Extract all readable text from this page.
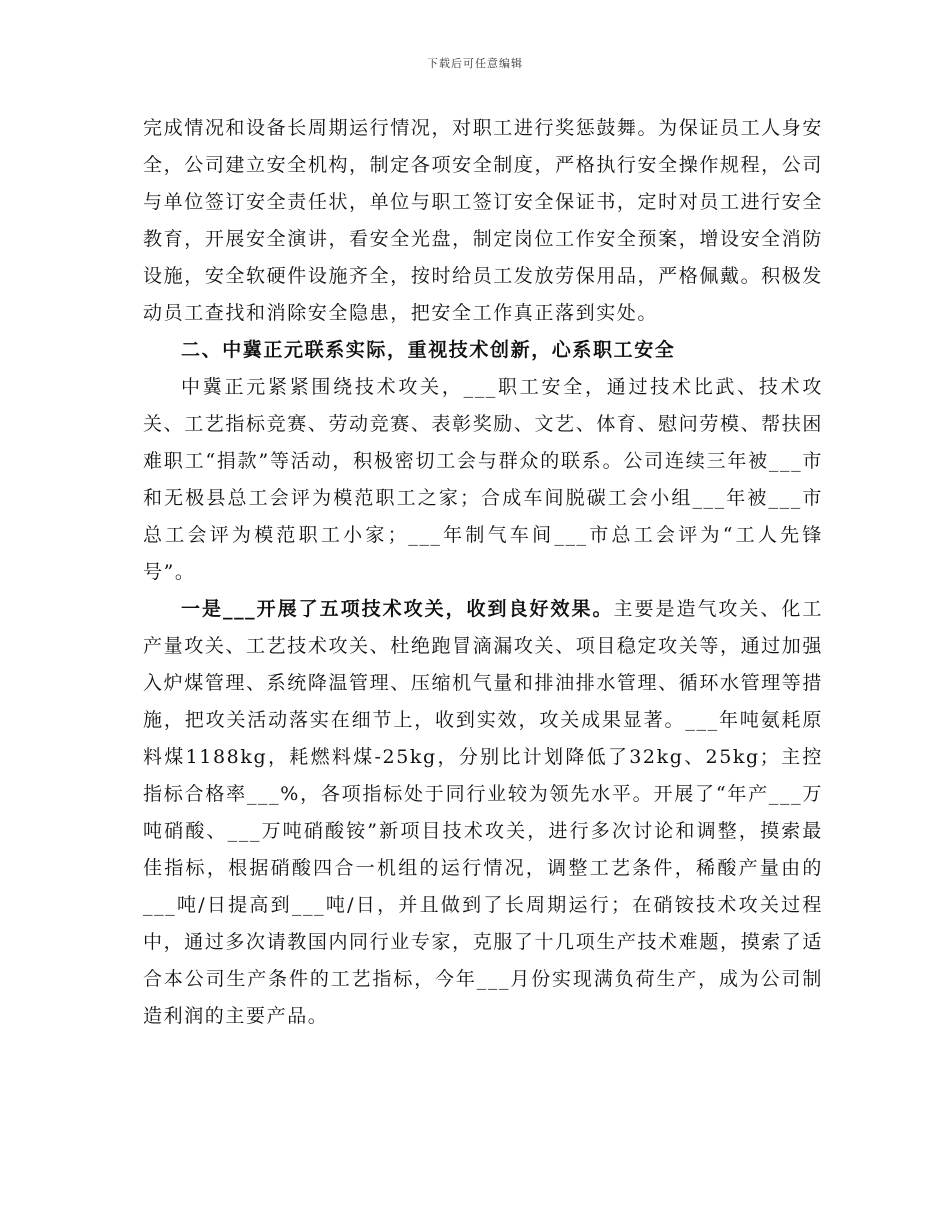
下载后可任意编辑

完成情况和设备长周期运行情况，对职工进行奖惩鼓舞。为保证员工人身安全，公司建立安全机构，制定各项安全制度，严格执行安全操作规程，公司与单位签订安全责任状，单位与职工签订安全保证书，定时对员工进行安全教育，开展安全演讲，看安全光盘，制定岗位工作安全预案，增设安全消防设施，安全软硬件设施齐全，按时给员工发放劳保用品，严格佩戴。积极发动员工查找和消除安全隐患，把安全工作真正落到实处。

二、中冀正元联系实际，重视技术创新，心系职工安全

中冀正元紧紧围绕技术攻关，___职工安全，通过技术比武、技术攻关、工艺指标竞赛、劳动竞赛、表彰奖励、文艺、体育、慰问劳模、帮扶困难职工“捐款”等活动，积极密切工会与群众的联系。公司连续三年被___市和无极县总工会评为模范职工之家；合成车间脱碳工会小组___年被___市总工会评为模范职工小家；___年制气车间___市总工会评为“工人先锋号”。

一是___开展了五项技术攻关，收到良好效果。主要是造气攻关、化工产量攻关、工艺技术攻关、杜绝跑冒滴漏攻关、项目稳定攻关等，通过加强入炉煤管理、系统降温管理、压缩机气量和排油排水管理、循环水管理等措施，把攻关活动落实在细节上，收到实效，攻关成果显著。___年吨氨耗原料煤1188kg，耗燃料煤-25kg，分别比计划降低了32kg、25kg；主控指标合格率___%，各项指标处于同行业较为领先水平。开展了“年产___万吨硝酸、___万吨硝酸铵”新项目技术攻关，进行多次讨论和调整，摸索最佳指标，根据硝酸四合一机组的运行情况，调整工艺条件，稀酸产量由的___吨/日提高到___吨/日，并且做到了长周期运行；在硝铵技术攻关过程中，通过多次请教国内同行业专家，克服了十几项生产技术难题，摸索了适合本公司生产条件的工艺指标，今年___月份实现满负荷生产，成为公司制造利润的主要产品。
